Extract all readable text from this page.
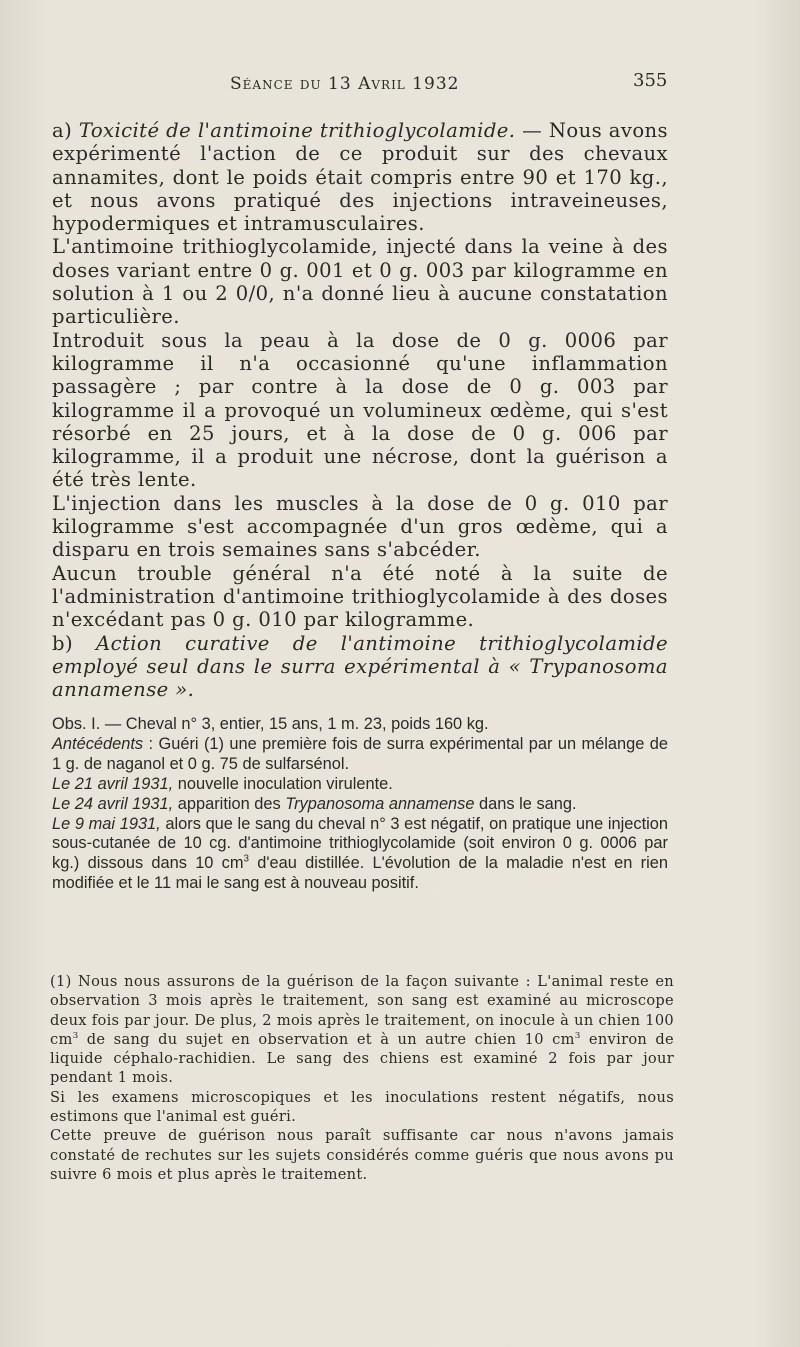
Séance du 13 Avril 1932	355

a) Toxicité de l'antimoine trithioglycolamide. — Nous avons expérimenté l'action de ce produit sur des chevaux annamites, dont le poids était compris entre 90 et 170 kg., et nous avons pratiqué des injections intraveineuses, hypodermiques et intramusculaires.

L'antimoine trithioglycolamide, injecté dans la veine à des doses variant entre 0 g. 001 et 0 g. 003 par kilogramme en solution à 1 ou 2 0/0, n'a donné lieu à aucune constatation particulière.

Introduit sous la peau à la dose de 0 g. 0006 par kilogramme il n'a occasionné qu'une inflammation passagère ; par contre à la dose de 0 g. 003 par kilogramme il a provoqué un volumineux œdème, qui s'est résorbé en 25 jours, et à la dose de 0 g. 006 par kilogramme, il a produit une nécrose, dont la guérison a été très lente.

L'injection dans les muscles à la dose de 0 g. 010 par kilogramme s'est accompagnée d'un gros œdème, qui a disparu en trois semaines sans s'abcéder.

Aucun trouble général n'a été noté à la suite de l'administration d'antimoine trithioglycolamide à des doses n'excédant pas 0 g. 010 par kilogramme.

b) Action curative de l'antimoine trithioglycolamide employé seul dans le surra expérimental à « Trypanosoma annamense ».

Obs. I. — Cheval n° 3, entier, 15 ans, 1 m. 23, poids 160 kg.

Antécédents : Guéri (1) une première fois de surra expérimental par un mélange de 1 g. de naganol et 0 g. 75 de sulfarsénol.

Le 21 avril 1931, nouvelle inoculation virulente.

Le 24 avril 1931, apparition des Trypanosoma annamense dans le sang.

Le 9 mai 1931, alors que le sang du cheval n° 3 est négatif, on pratique une injection sous-cutanée de 10 cg. d'antimoine trithioglycolamide (soit environ 0 g. 0006 par kg.) dissous dans 10 $cm^3$ d'eau distillée. L'évolution de la maladie n'est en rien modifiée et le 11 mai le sang est à nouveau positif.

(1) Nous nous assurons de la guérison de la façon suivante : L'animal reste en observation 3 mois après le traitement, son sang est examiné au microscope deux fois par jour. De plus, 2 mois après le traitement, on inocule à un chien 100 $cm^3$ de sang du sujet en observation et à un autre chien 10 $cm^3$ environ de liquide céphalo-rachidien. Le sang des chiens est examiné 2 fois par jour pendant 1 mois.

Si les examens microscopiques et les inoculations restent négatifs, nous estimons que l'animal est guéri.

Cette preuve de guérison nous paraît suffisante car nous n'avons jamais constaté de rechutes sur les sujets considérés comme guéris que nous avons pu suivre 6 mois et plus après le traitement.
